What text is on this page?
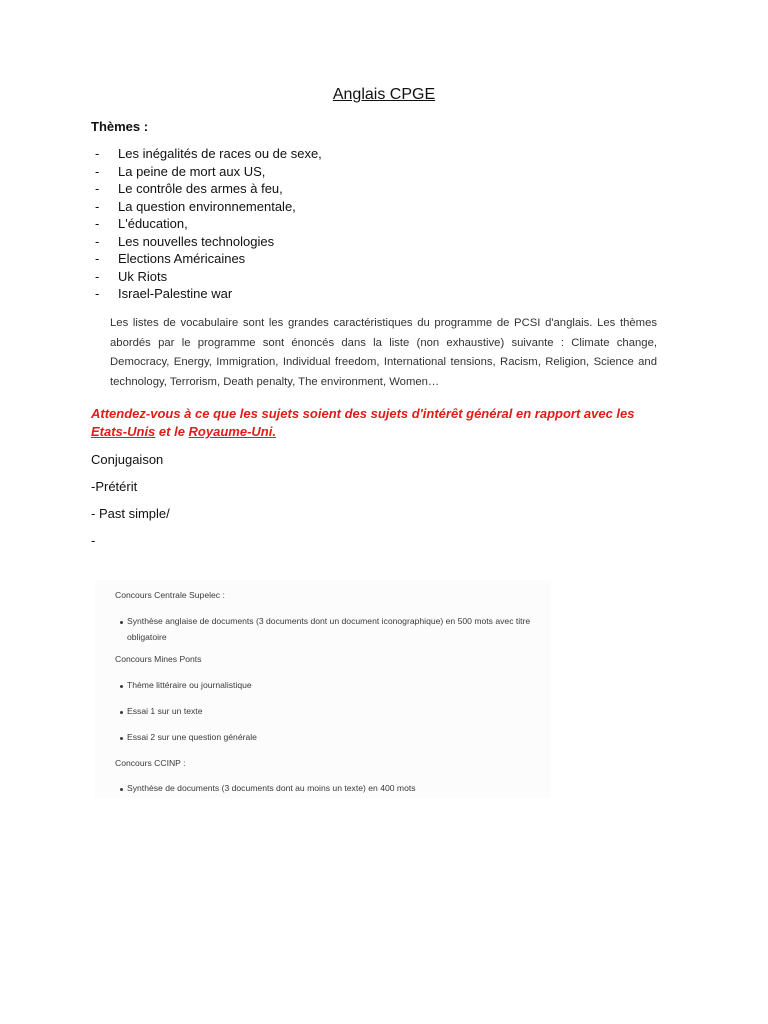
Anglais CPGE
Thèmes :
- Les inégalités de races ou de sexe,
- La peine de mort aux US,
- Le contrôle des armes à feu,
- La question environnementale,
- L'éducation,
- Les nouvelles technologies
- Elections Américaines
- Uk Riots
- Israel-Palestine war
Les listes de vocabulaire sont les grandes caractéristiques du programme de PCSI d'anglais. Les thèmes abordés par le programme sont énoncés dans la liste (non exhaustive) suivante : Climate change, Democracy, Energy, Immigration, Individual freedom, International tensions, Racism, Religion, Science and technology, Terrorism, Death penalty, The environment, Women…
Attendez-vous à ce que les sujets soient des sujets d'intérêt général en rapport avec les Etats-Unis et le Royaume-Uni.
Conjugaison
-Prétérit
- Past simple/
-
Concours Centrale Supelec :
Synthèse anglaise de documents (3 documents dont un document iconographique) en 500 mots avec titre
obligatoire
Concours Mines Ponts
Thème littéraire ou journalistique
Essai 1 sur un texte
Essai 2 sur une question générale
Concours CCINP :
Synthèse de documents (3 documents dont au moins un texte) en 400 mots
